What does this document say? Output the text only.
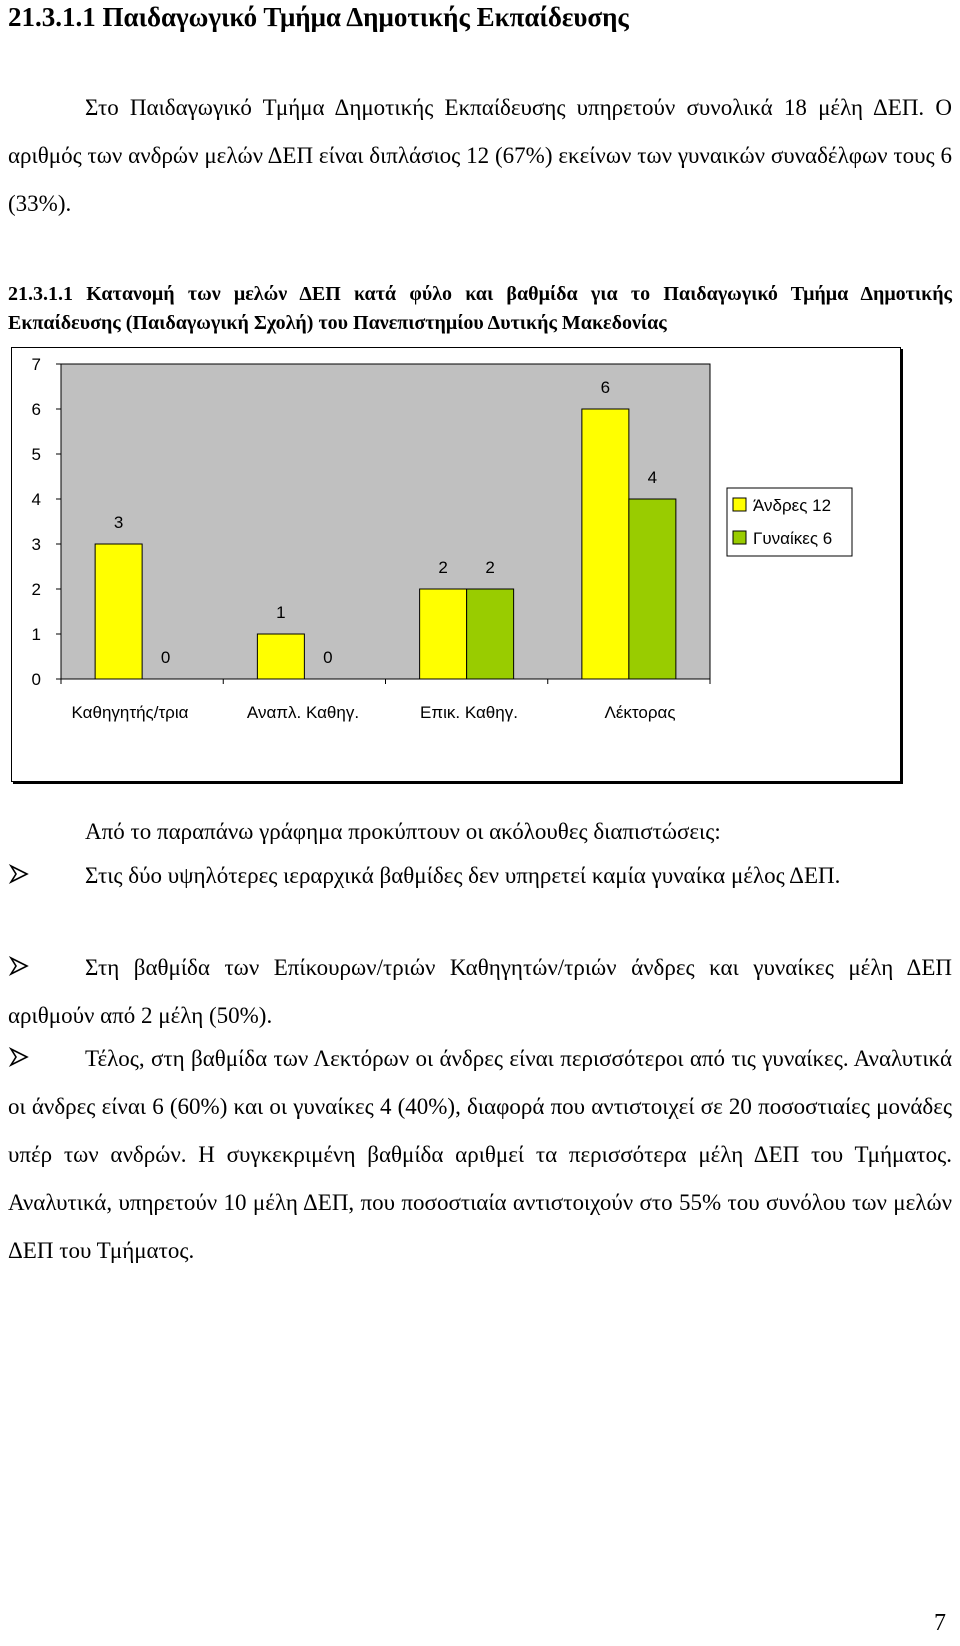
21.3.1.1 Παιδαγωγικό Τμήμα Δημοτικής Εκπαίδευσης

Στο Παιδαγωγικό Τμήμα Δημοτικής Εκπαίδευσης υπηρετούν συνολικά 18 μέλη ΔΕΠ. Ο αριθμός των ανδρών μελών ΔΕΠ είναι διπλάσιος 12 (67%) εκείνων των γυναικών συναδέλφων τους 6 (33%).

21.3.1.1 Κατανομή των μελών ΔΕΠ κατά φύλο και βαθμίδα για το Παιδαγωγικό Τμήμα Δημοτικής Εκπαίδευσης (Παιδαγωγική Σχολή) του Πανεπιστημίου Δυτικής Μακεδονίας

0
1
2
3
4
5
6
7
3
0
Καθηγητής/τρια
1
0
Αναπλ. Καθηγ.
2 2
Επικ. Καθηγ.
6
4
Λέκτορας
Άνδρες 12
Γυναίκες 6

Από το παραπάνω γράφημα προκύπτουν οι ακόλουθες διαπιστώσεις:

Στις δύο υψηλότερες ιεραρχικά βαθμίδες δεν υπηρετεί καμία γυναίκα μέλος ΔΕΠ.

Στη βαθμίδα των Επίκουρων/τριών Καθηγητών/τριών άνδρες και γυναίκες μέλη ΔΕΠ αριθμούν από 2 μέλη (50%).

Τέλος, στη βαθμίδα των Λεκτόρων οι άνδρες είναι περισσότεροι από τις γυναίκες. Αναλυτικά οι άνδρες είναι 6 (60%) και οι γυναίκες 4 (40%), διαφορά που αντιστοιχεί σε 20 ποσοστιαίες μονάδες υπέρ των ανδρών. Η συγκεκριμένη βαθμίδα αριθμεί τα περισσότερα μέλη ΔΕΠ του Τμήματος. Αναλυτικά, υπηρετούν 10 μέλη ΔΕΠ, που ποσοστιαία αντιστοιχούν στο 55% του συνόλου των μελών ΔΕΠ του Τμήματος.

7
